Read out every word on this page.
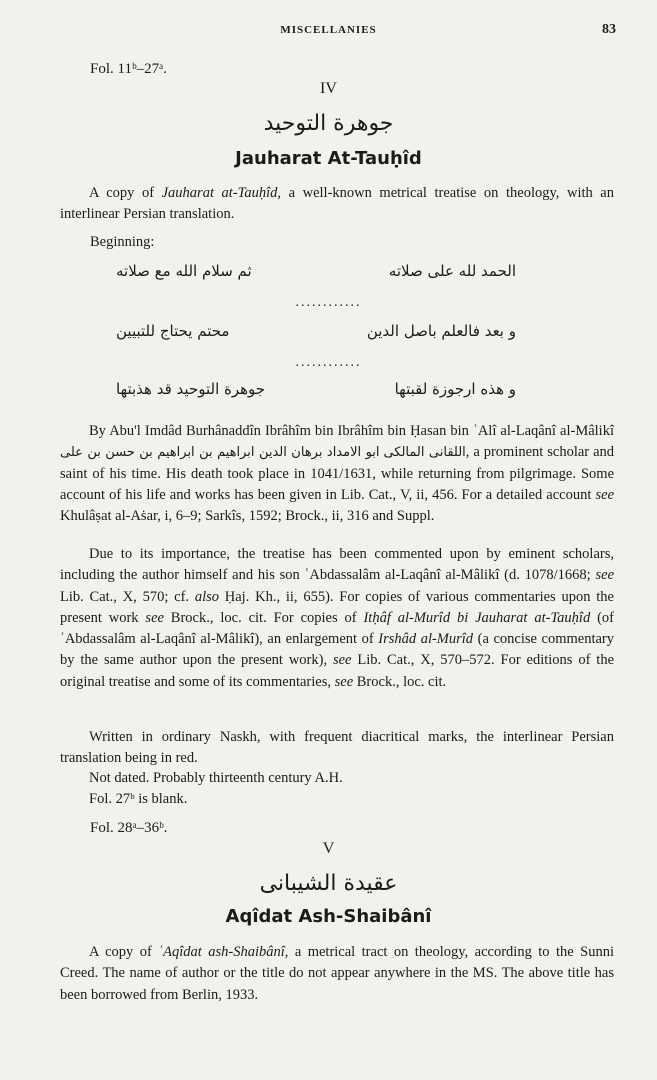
MISCELLANIES	83
Fol. 11ᵇ–27ᵃ.
IV
جوهرة التوحيد
Jauharat At-Tauḥîd
A copy of Jauharat at-Tauḥîd, a well-known metrical treatise on theology, with an interlinear Persian translation.
Beginning:
الحمد لله على صلاته
ثم سلام الله مع صلاته
............
و بعد فالعلم باصل الدين
محتم يحتاج للتبيين
............
و هذه ارجوزة لقبتها
جوهرة التوحيد قد هذبتها
By Abu'l Imdâd Burhânaddîn Ibrâhîm bin Ibrâhîm bin Ḥasan bin ʿAlî al-Laqânî al-Mâlikî ابو الامداد برهان الدين ابراهيم بن ابراهيم بن حسن بن على اللقانى المالكى, a prominent scholar and saint of his time. His death took place in 1041/1631, while returning from pilgrimage. Some account of his life and works has been given in Lib. Cat., V, ii, 456. For a detailed account see Khulâṣat al-Aṡar, i, 6–9; Sarkîs, 1592; Brock., ii, 316 and Suppl.
Due to its importance, the treatise has been commented upon by eminent scholars, including the author himself and his son ʿAbdassalâm al-Laqânî al-Mâlikî (d. 1078/1668; see Lib. Cat., X, 570; cf. also Ḥaj. Kh., ii, 655). For copies of various commentaries upon the present work see Brock., loc. cit. For copies of Itḥâf al-Murîd bi Jauharat at-Tauḥîd (of ʿAbdassalâm al-Laqânî al-Mâlikî), an enlargement of Irshâd al-Murîd (a concise commentary by the same author upon the present work), see Lib. Cat., X, 570–572. For editions of the original treatise and some of its commentaries, see Brock., loc. cit.
Written in ordinary Naskh, with frequent diacritical marks, the interlinear Persian translation being in red.
Not dated. Probably thirteenth century A.H.
Fol. 27ᵇ is blank.
Fol. 28ᵃ–36ᵇ.
V
عقيدة الشيبانى
Aqîdat Ash-Shaibânî
A copy of ʿAqîdat ash-Shaibânî, a metrical tract on theology, according to the Sunni Creed. The name of author or the title do not appear anywhere in the MS. The above title has been borrowed from Berlin, 1933.
